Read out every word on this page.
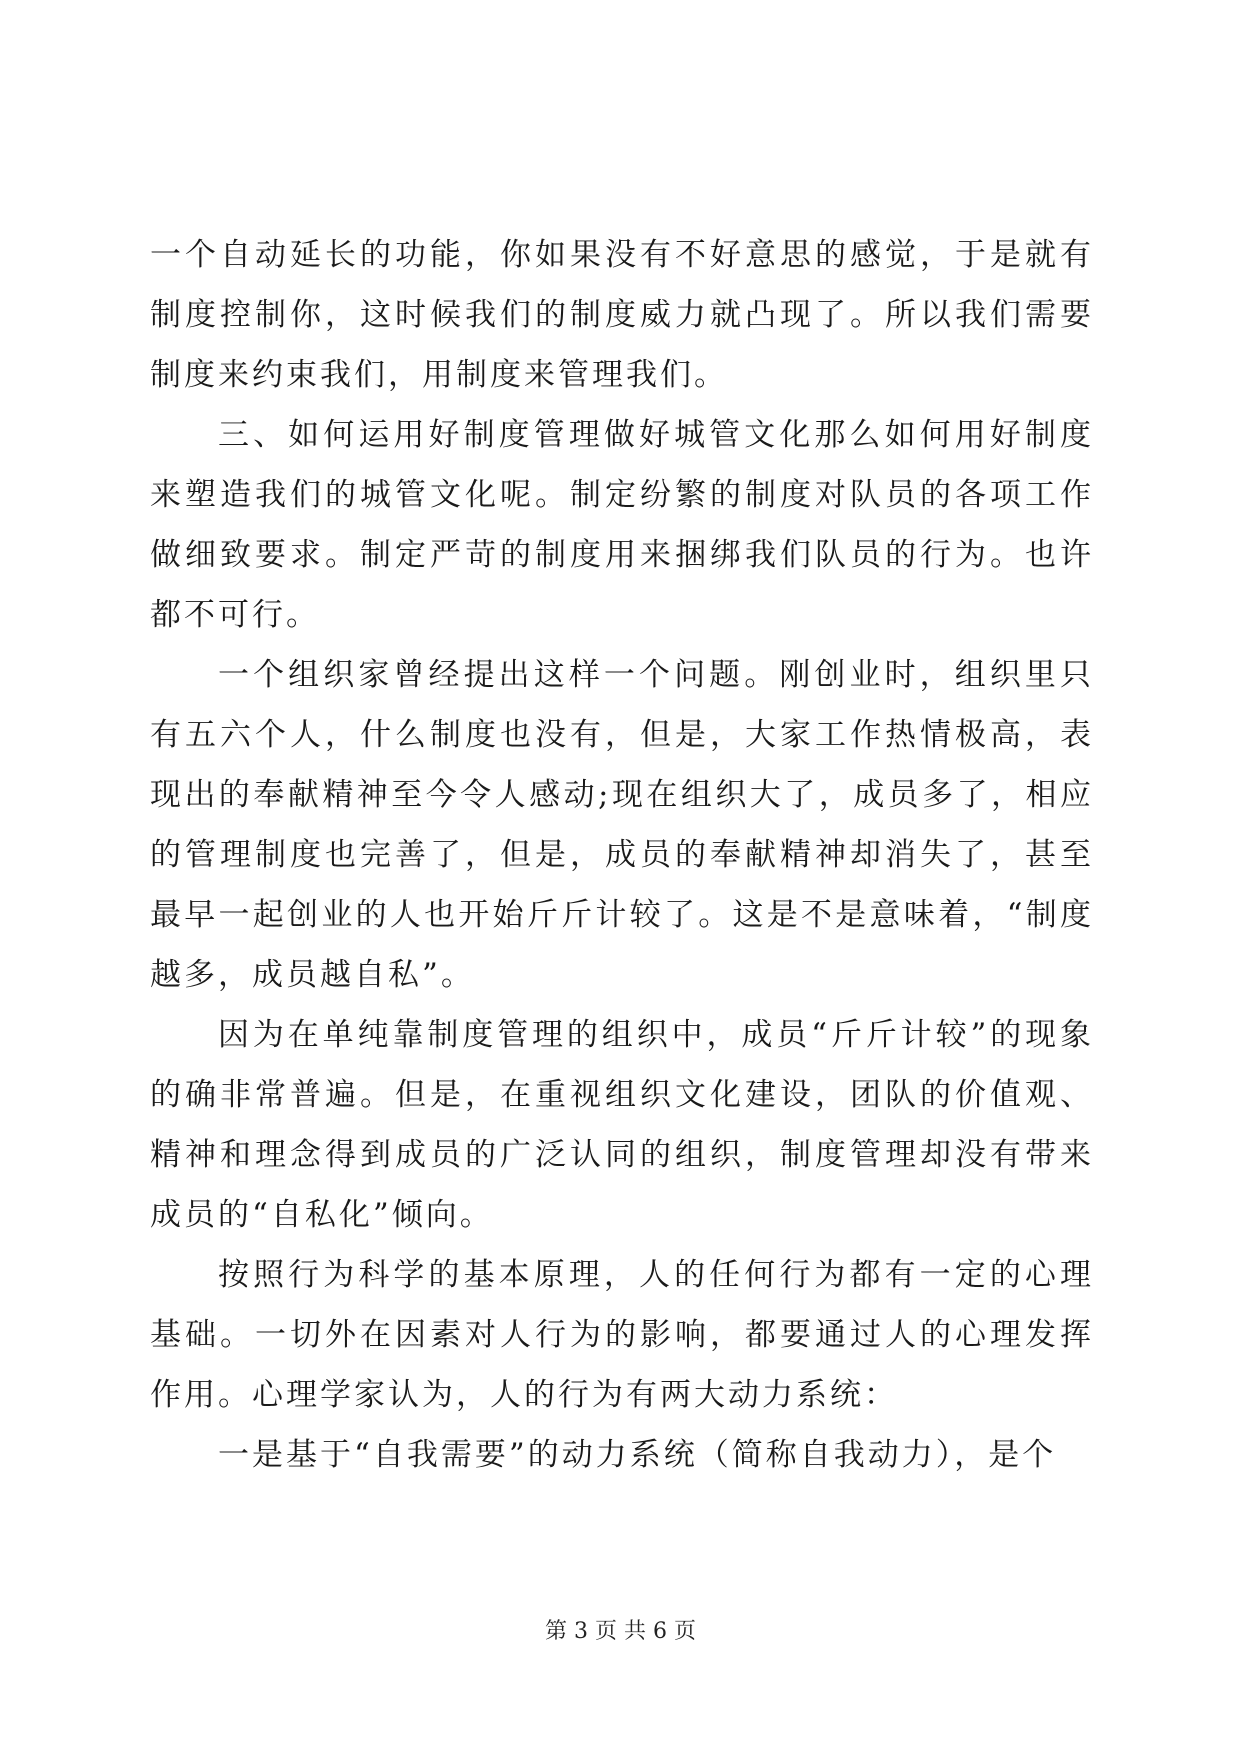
一个自动延长的功能，你如果没有不好意思的感觉，于是就有制度控制你，这时候我们的制度威力就凸现了。所以我们需要制度来约束我们，用制度来管理我们。

三、如何运用好制度管理做好城管文化那么如何用好制度来塑造我们的城管文化呢。制定纷繁的制度对队员的各项工作做细致要求。制定严苛的制度用来捆绑我们队员的行为。也许都不可行。

一个组织家曾经提出这样一个问题。刚创业时，组织里只有五六个人，什么制度也没有，但是，大家工作热情极高，表现出的奉献精神至今令人感动;现在组织大了，成员多了，相应的管理制度也完善了，但是，成员的奉献精神却消失了，甚至最早一起创业的人也开始斤斤计较了。这是不是意味着，“制度越多，成员越自私”。

因为在单纯靠制度管理的组织中，成员“斤斤计较”的现象的确非常普遍。但是，在重视组织文化建设，团队的价值观、精神和理念得到成员的广泛认同的组织，制度管理却没有带来成员的“自私化”倾向。

按照行为科学的基本原理，人的任何行为都有一定的心理基础。一切外在因素对人行为的影响，都要通过人的心理发挥作用。心理学家认为，人的行为有两大动力系统：

一是基于“自我需要”的动力系统（简称自我动力），是个

第 3 页 共 6 页
